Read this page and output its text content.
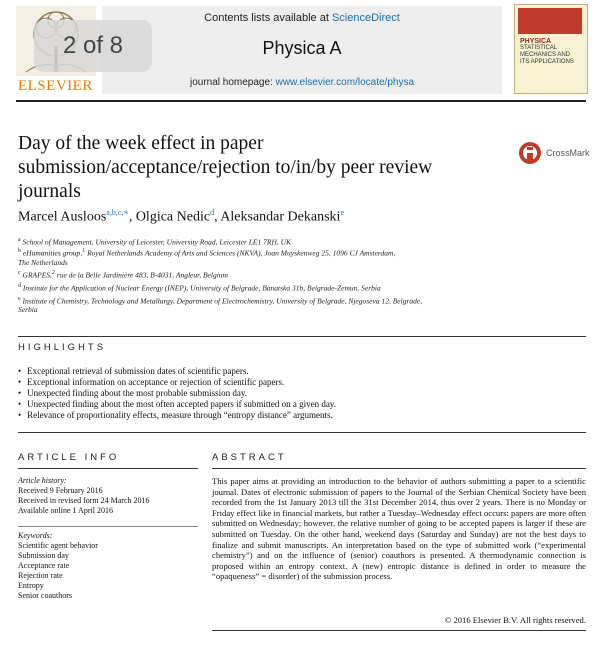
ELSEVIER
Contents lists available at ScienceDirect
Physica A
journal homepage: www.elsevier.com/locate/physa
2 of 8	PHYSICA
STATISTICAL MECHANICS AND ITS APPLICATIONS
Day of the week effect in paper
submission/acceptance/rejection to/in/by peer review
journals
CrossMark
Marcel Ausloos$^{a,b,c,∗}$, Olgica Nedic$^d$, Aleksandar Dekanski$^e$
$^a$ School of Management, University of Leicester, University Road, Leicester LE1 7RH, UK
$^b$ eHumanities group,$^1$ Royal Netherlands Academy of Arts and Sciences (NKVA), Joan Muyskenweg 25, 1096 CJ Amsterdam,
The Netherlands
$^c$ GRAPES,$^2$ rue de la Belle Jardinière 483, B-4031, Angleur, Belgium
$^d$ Institute for the Application of Nuclear Energy (INEP), University of Belgrade, Banatska 31b, Belgrade-Zemun, Serbia
$^e$ Institute of Chemistry, Technology and Metallurgy, Department of Electrochemistry, University of Belgrade, Njegoseva 12, Belgrade,
Serbia
HIGHLIGHTS
• Exceptional retrieval of submission dates of scientific papers.
• Exceptional information on acceptance or rejection of scientific papers.
• Unexpected finding about the most probable submission day.
• Unexpected finding about the most often accepted papers if submitted on a given day.
• Relevance of proportionality effects, measure through “entropy distance” arguments.
ARTICLE INFO
Article history:
Received 9 February 2016
Received in revised form 24 March 2016
Available online 1 April 2016
Keywords:
Scientific agent behavior
Submission day
Acceptance rate
Rejection rate
Entropy
Senior coauthors
ABSTRACT
This paper aims at providing an introduction to the behavior of authors submitting a paper to a scientific journal. Dates of electronic submission of papers to the Journal of the Serbian Chemical Society have been recorded from the 1st January 2013 till the 31st December 2014, thus over 2 years. There is no Monday or Friday effect like in financial markets, but rather a Tuesday–Wednesday effect occurs: papers are more often submitted on Wednesday; however, the relative number of going to be accepted papers is larger if these are submitted on Tuesday. On the other hand, weekend days (Saturday and Sunday) are not the best days to finalize and submit manuscripts. An interpretation based on the type of submitted work (“experimental chemistry”) and on the influence of (senior) coauthors is presented. A thermodynamic connection is proposed within an entropy context. A (new) entropic distance is defined in order to measure the “opaqueness” = disorder) of the submission process.
© 2016 Elsevier B.V. All rights reserved.
